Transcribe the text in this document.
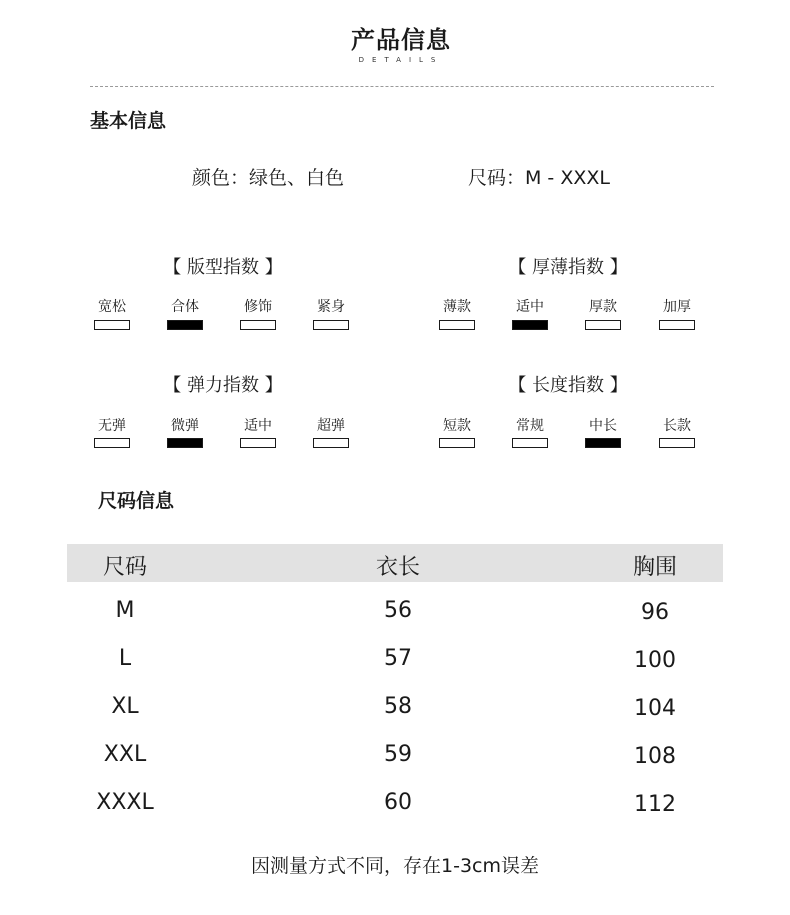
产品信息
DETAILS
基本信息
颜色：绿色、白色	尺码：M - XXXL
【 版型指数 】
宽松	合体	修饰	紧身
【 厚薄指数 】
薄款	适中	厚款	加厚
【 弹力指数 】
无弹	微弹	适中	超弹
【 长度指数 】
短款	常规	中长	长款
尺码信息
尺码	衣长	胸围
M	56	96
L	57	100
XL	58	104
XXL	59	108
XXXL	60	112
因测量方式不同，存在1-3cm误差
